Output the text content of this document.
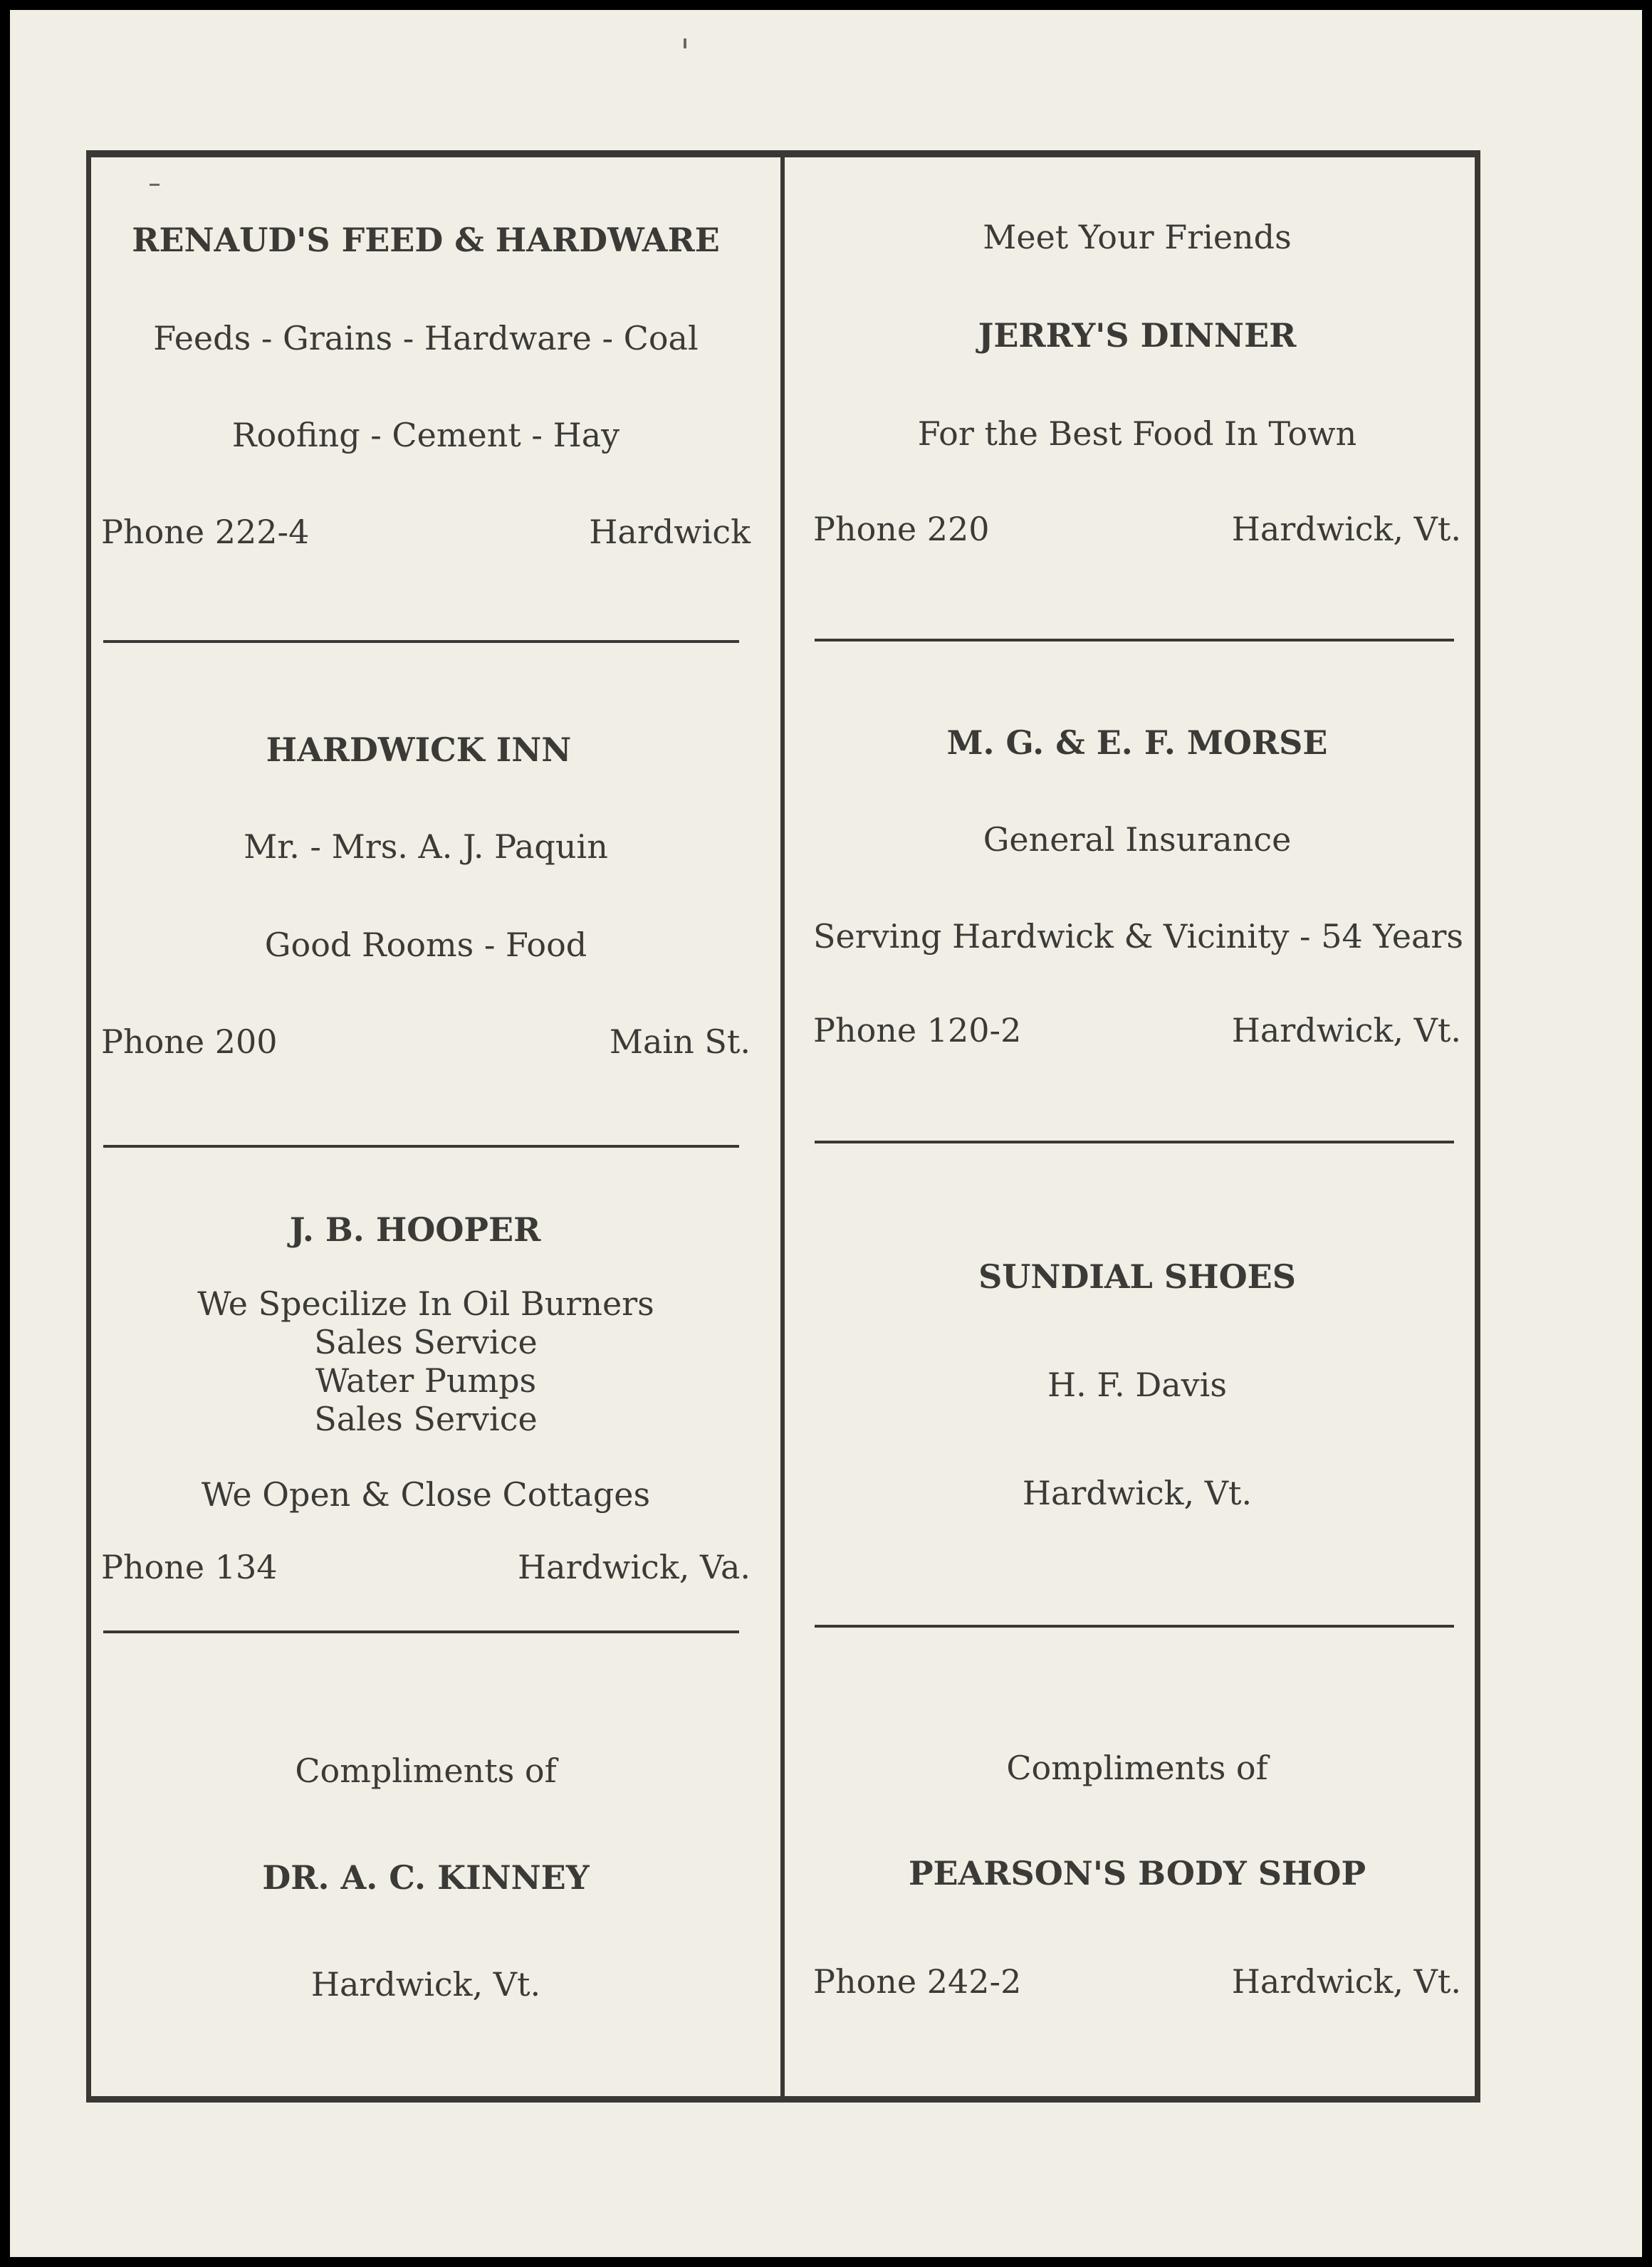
RENAUD'S FEED & HARDWARE
Feeds - Grains - Hardware - Coal
Roofing - Cement - Hay
Phone 222-4	Hardwick
Meet Your Friends
JERRY'S DINNER
For the Best Food In Town
Phone 220	Hardwick, Vt.
HARDWICK INN
Mr. - Mrs. A. J. Paquin
Good Rooms - Food
Phone 200	Main St.
M. G. & E. F. MORSE
General Insurance
Serving Hardwick & Vicinity - 54 Years
Phone 120-2	Hardwick, Vt.
J. B. HOOPER
We Specilize In Oil Burners
Sales Service
Water Pumps
Sales Service
We Open & Close Cottages
Phone 134	Hardwick, Va.
SUNDIAL SHOES
H. F. Davis
Hardwick, Vt.
Compliments of
DR. A. C. KINNEY
Hardwick, Vt.
Compliments of
PEARSON'S BODY SHOP
Phone 242-2	Hardwick, Vt.
